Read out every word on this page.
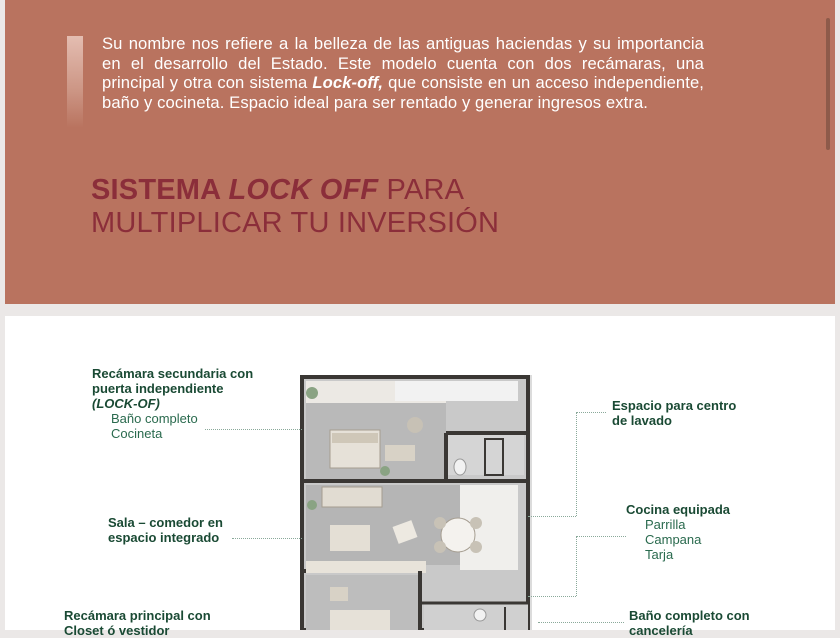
Su nombre nos refiere a la belleza de las antiguas haciendas y su importancia en el desarrollo del Estado. Este modelo cuenta con dos recámaras, una principal y otra con sistema Lock-off, que consiste en un acceso independiente, baño y cocineta. Espacio ideal para ser rentado y generar ingresos extra.

SISTEMA LOCK OFF PARA
MULTIPLICAR TU INVERSIÓN
Recámara secundaria con
puerta independiente
(LOCK-OF)
Baño completo
Cocineta
Espacio para centro
de lavado
Sala – comedor en
espacio integrado
Cocina equipada
Parrilla
Campana
Tarja
Recámara principal con
Closet ó vestidor
Baño completo con
cancelería
